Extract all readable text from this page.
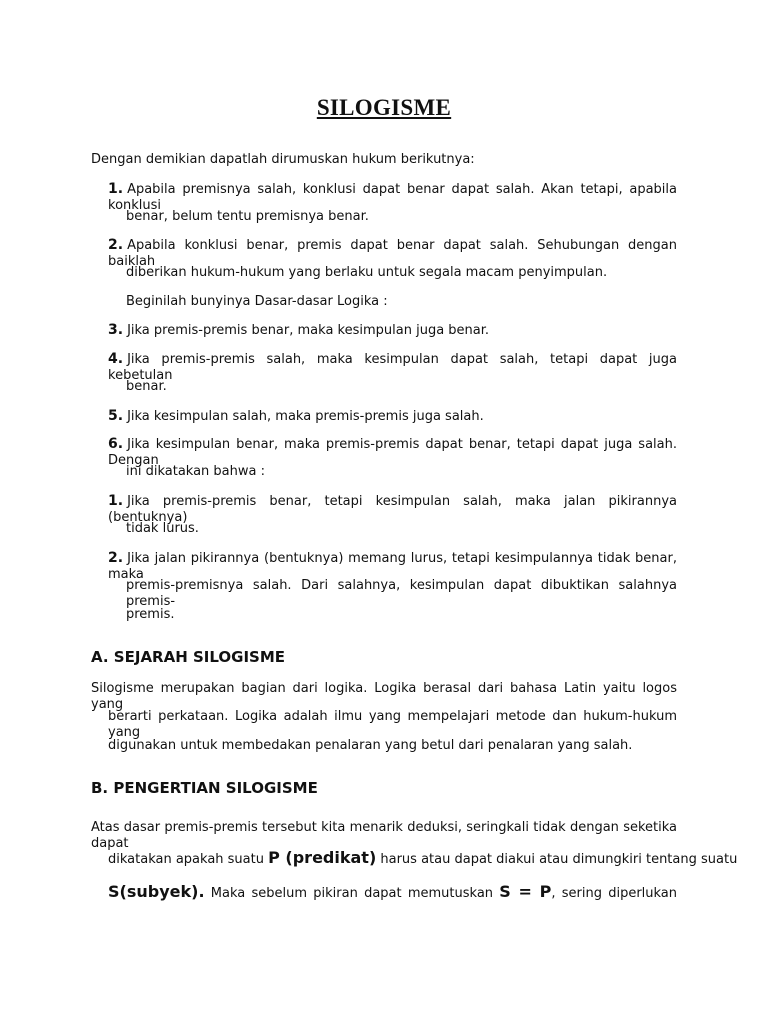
SILOGISME
Dengan demikian dapatlah dirumuskan hukum berikutnya:
1. Apabila premisnya salah, konklusi dapat benar dapat salah. Akan tetapi, apabila konklusi
benar, belum tentu premisnya benar.
2. Apabila konklusi benar, premis dapat benar dapat salah. Sehubungan dengan baiklah
diberikan hukum-hukum yang berlaku untuk segala macam penyimpulan.
Beginilah bunyinya Dasar-dasar Logika :
3. Jika premis-premis benar, maka kesimpulan juga benar.
4. Jika premis-premis salah, maka kesimpulan dapat salah, tetapi dapat juga kebetulan
benar.
5. Jika kesimpulan salah, maka premis-premis juga salah.
6. Jika kesimpulan benar, maka premis-premis dapat benar, tetapi dapat juga salah. Dengan
ini dikatakan bahwa :
1. Jika premis-premis benar, tetapi kesimpulan salah, maka jalan pikirannya (bentuknya)
tidak lurus.
2. Jika jalan pikirannya (bentuknya) memang lurus, tetapi kesimpulannya tidak benar, maka
premis-premisnya salah. Dari salahnya, kesimpulan dapat dibuktikan salahnya premis-
premis.
A. SEJARAH SILOGISME
Silogisme merupakan bagian dari logika. Logika berasal dari bahasa Latin yaitu logos yang
berarti perkataan. Logika adalah ilmu yang mempelajari metode dan hukum-hukum yang
digunakan untuk membedakan penalaran yang betul dari penalaran yang salah.
B. PENGERTIAN SILOGISME
Atas dasar premis-premis tersebut kita menarik deduksi, seringkali tidak dengan seketika dapat
dikatakan apakah suatu P (predikat) harus atau dapat diakui atau dimungkiri tentang suatu
S(subyek). Maka sebelum pikiran dapat memutuskan S = P, sering diperlukan
